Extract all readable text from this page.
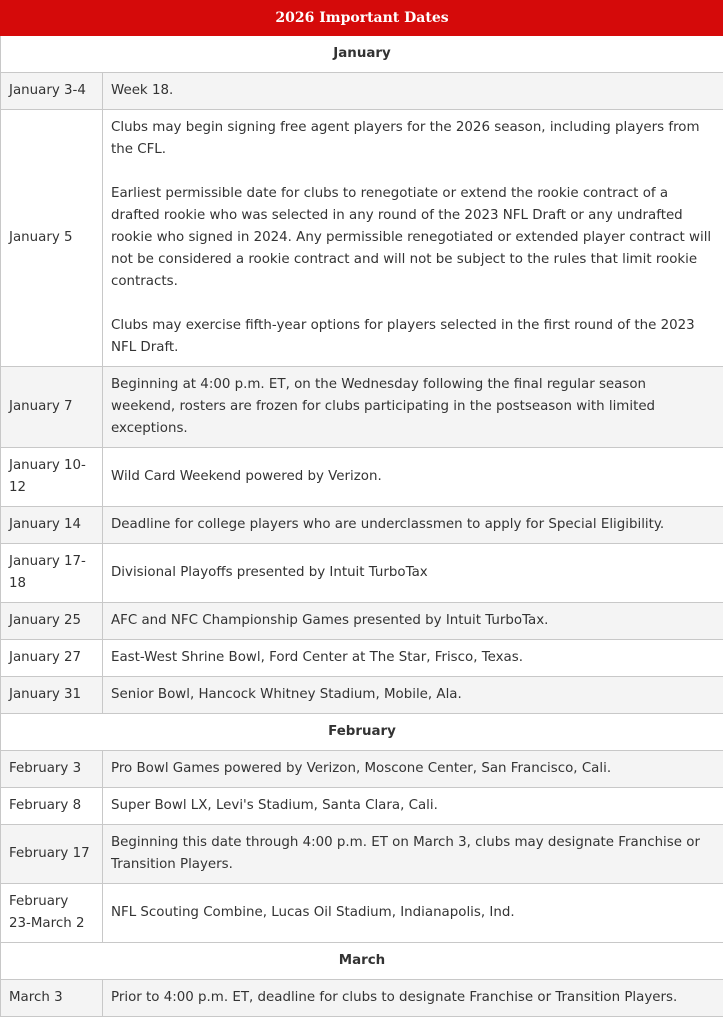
2026 Important Dates	
January	
January 3-4	Week 18.

January 5	Clubs may begin signing free agent players for the 2026 season, including players from the CFL.

Earliest permissible date for clubs to renegotiate or extend the rookie contract of a drafted rookie who was selected in any round of the 2023 NFL Draft or any undrafted rookie who signed in 2024. Any permissible renegotiated or extended player contract will not be considered a rookie contract and will not be subject to the rules that limit rookie contracts.

Clubs may exercise fifth-year options for players selected in the first round of the 2023 NFL Draft.

January 7	Beginning at 4:00 p.m. ET, on the Wednesday following the final regular season weekend, rosters are frozen for clubs participating in the postseason with limited exceptions.

January 10-12	Wild Card Weekend powered by Verizon.

January 14	Deadline for college players who are underclassmen to apply for Special Eligibility.

January 17-18	Divisional Playoffs presented by Intuit TurboTax

January 25	AFC and NFC Championship Games presented by Intuit TurboTax.

January 27	East-West Shrine Bowl, Ford Center at The Star, Frisco, Texas.

January 31	Senior Bowl, Hancock Whitney Stadium, Mobile, Ala.

February	
February 3	Pro Bowl Games powered by Verizon, Moscone Center, San Francisco, Cali.

February 8	Super Bowl LX, Levi's Stadium, Santa Clara, Cali.

February 17	Beginning this date through 4:00 p.m. ET on March 3, clubs may designate Franchise or Transition Players.

February 23-March 2	NFL Scouting Combine, Lucas Oil Stadium, Indianapolis, Ind.

March	
March 3	Prior to 4:00 p.m. ET, deadline for clubs to designate Franchise or Transition Players.
